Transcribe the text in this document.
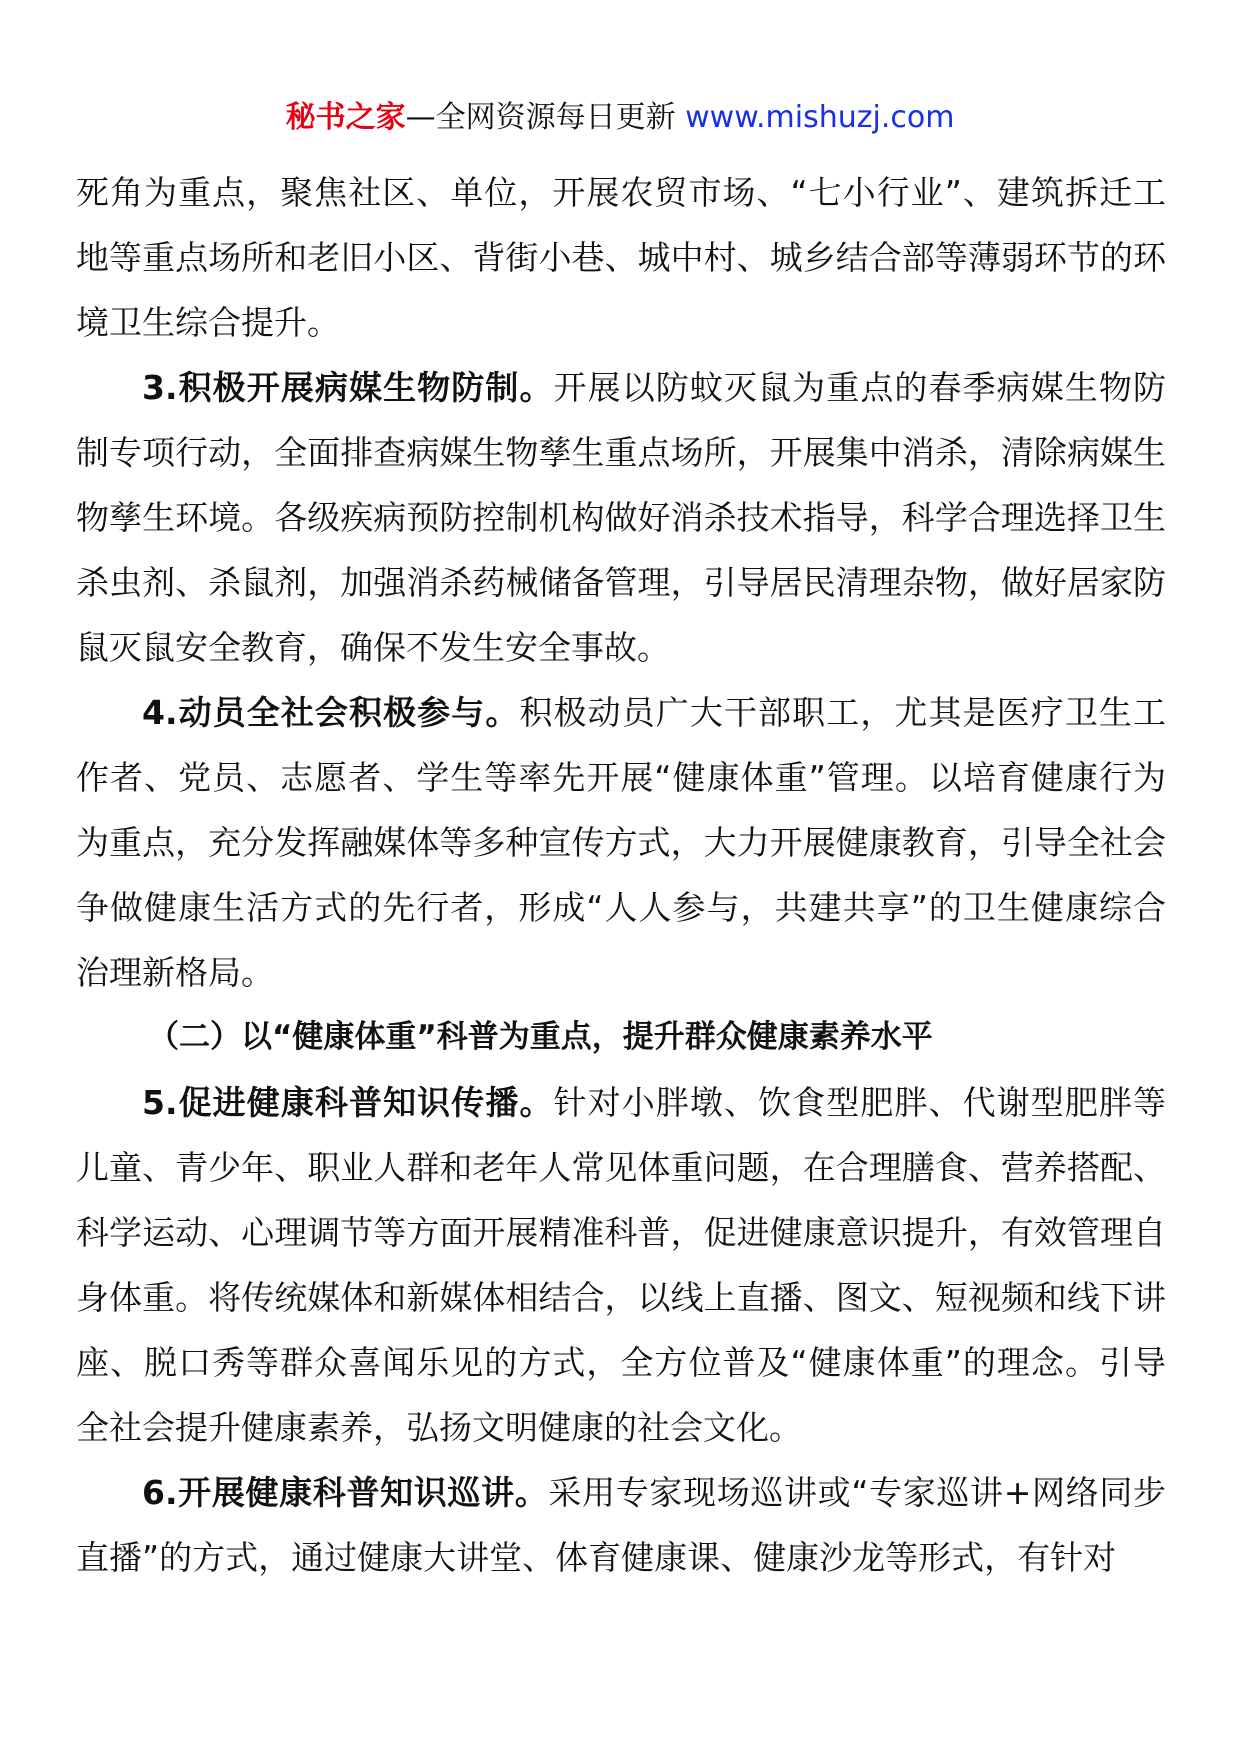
秘书之家—全网资源每日更新 www.mishuzj.com

死角为重点，聚焦社区、单位，开展农贸市场、“七小行业”、建筑拆迁工地等重点场所和老旧小区、背街小巷、城中村、城乡结合部等薄弱环节的环境卫生综合提升。

3.积极开展病媒生物防制。开展以防蚊灭鼠为重点的春季病媒生物防制专项行动，全面排查病媒生物孳生重点场所，开展集中消杀，清除病媒生物孳生环境。各级疾病预防控制机构做好消杀技术指导，科学合理选择卫生杀虫剂、杀鼠剂，加强消杀药械储备管理，引导居民清理杂物，做好居家防鼠灭鼠安全教育，确保不发生安全事故。

4.动员全社会积极参与。积极动员广大干部职工，尤其是医疗卫生工作者、党员、志愿者、学生等率先开展“健康体重”管理。以培育健康行为为重点，充分发挥融媒体等多种宣传方式，大力开展健康教育，引导全社会争做健康生活方式的先行者，形成“人人参与，共建共享”的卫生健康综合治理新格局。

（二）以“健康体重”科普为重点，提升群众健康素养水平

5.促进健康科普知识传播。针对小胖墩、饮食型肥胖、代谢型肥胖等儿童、青少年、职业人群和老年人常见体重问题，在合理膳食、营养搭配、科学运动、心理调节等方面开展精准科普，促进健康意识提升，有效管理自身体重。将传统媒体和新媒体相结合，以线上直播、图文、短视频和线下讲座、脱口秀等群众喜闻乐见的方式，全方位普及“健康体重”的理念。引导全社会提升健康素养，弘扬文明健康的社会文化。

6.开展健康科普知识巡讲。采用专家现场巡讲或“专家巡讲+网络同步直播”的方式，通过健康大讲堂、体育健康课、健康沙龙等形式，有针对
